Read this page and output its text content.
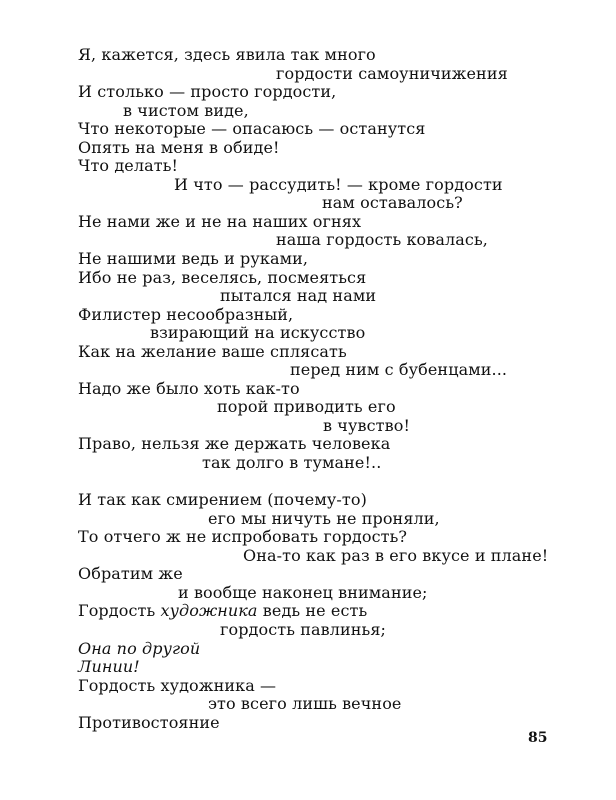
Я, кажется, здесь явила так много
гордости самоуничижения
И столько — просто гордости,
в чистом виде,
Что некоторые — опасаюсь — останутся
Опять на меня в обиде!
Что делать!
И что — рассудить! — кроме гордости
нам оставалось?
Не нами же и не на наших огнях
наша гордость ковалась,
Не нашими ведь и руками,
Ибо не раз, веселясь, посмеяться
пытался над нами
Филистер несообразный,
взирающий на искусство
Как на желание ваше сплясать
перед ним с бубенцами...
Надо же было хоть как-то
порой приводить его
в чувство!
Право, нельзя же держать человека
так долго в тумане!..
И так как смирением (почему-то)
его мы ничуть не проняли,
То отчего ж не испробовать гордость?
Она-то как раз в его вкусе и плане!
Обратим же
и вообще наконец внимание;
Гордость художника ведь не есть
гордость павлинья;
Она по другой
Линии!
Гордость художника —
это всего лишь вечное
Противостояние
85
